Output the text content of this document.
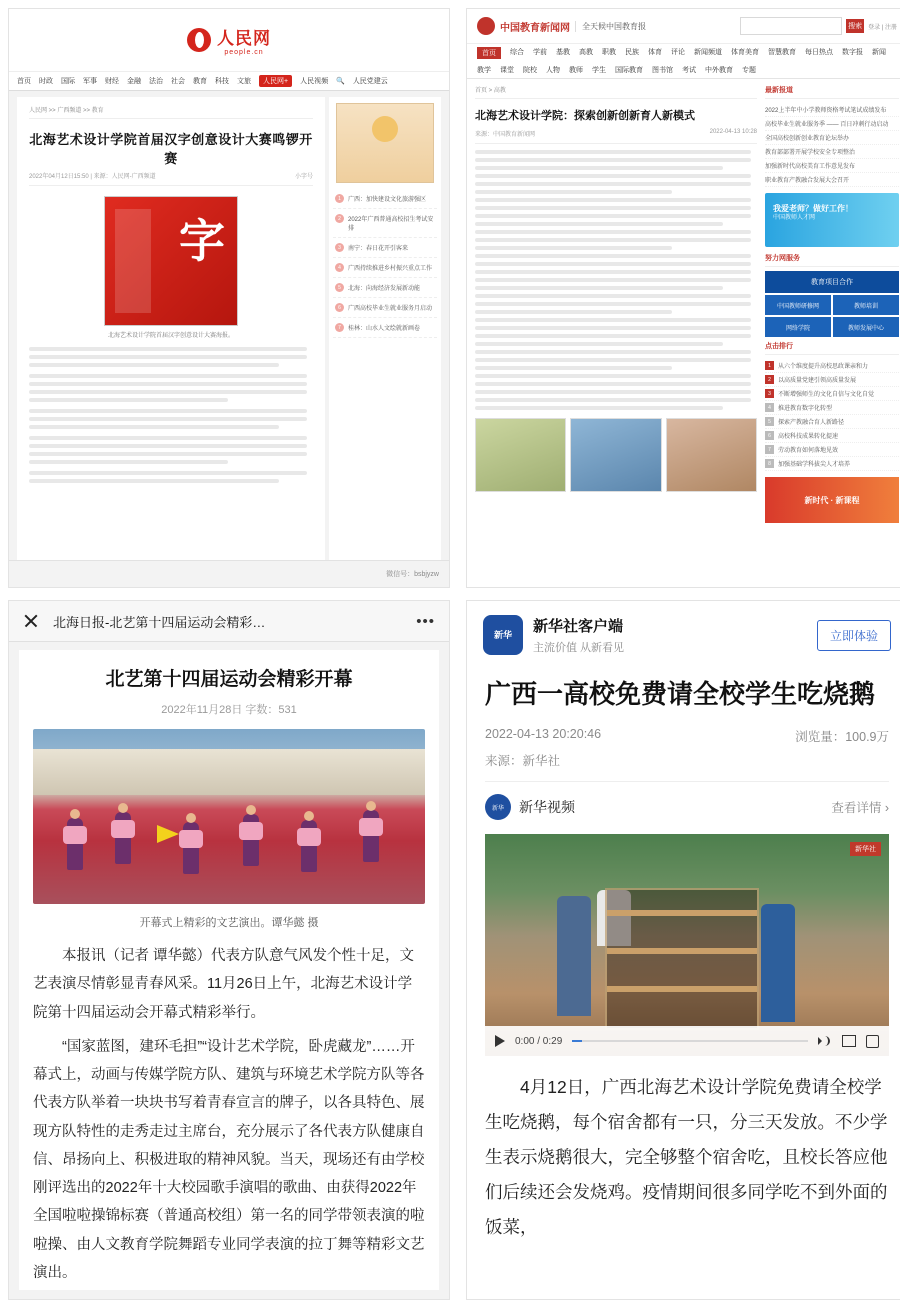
人民网
people.cn
首页 时政 国际 军事 财经 金融 法治 社会 教育 科技 文旅	人民网+	人民视频 🔍 人民党建云
人民网 >> 广西频道 >> 教育
北海艺术设计学院首届汉字创意设计大赛鸣锣开赛
2022年04月12日15:50 | 来源：人民网-广西频道	小字号
字
北海艺术设计学院首届汉字创意设计大赛海报。
1	广西：加快建设文化旅游强区
2	2022年广西普通高校招生考试安排
3	南宁：春日花开引客来
4	广西持续推进乡村振兴重点工作
5	北海：向海经济发展新动能
6	广西高校毕业生就业服务月启动
7	桂林：山水人文绘就新画卷
微信号：bsbjyzw
中国教育新闻网	全天候中国教育报	搜索	登录 | 注册
首页	综合 学前 基教 高教 职教 民族 体育 评论 新闻频道 体育美育 智慧教育 每日热点 数字报 新闻
教学 课堂 院校 人物 教师 学生 国际教育 图书馆 考试 中外教育 专题
首页 > 高教
北海艺术设计学院：探索创新创新育人新模式
来源：中国教育新闻网	2022-04-13 10:28
最新报道
2022上半年中小学教师资格考试笔试成绩发布
高校毕业生就业服务季 —— 百日冲刺行动启动
全国高校创新创业教育论坛举办
教育部部署开展学校安全专项整治
加强新时代高校美育工作意见发布
职业教育产教融合发展大会召开
我爱老师？做好工作！
中国教师人才网
努力网服务
教育项目合作
中国教师研修网	教师培训
网络学院	教师发展中心
点击排行
1	从六个维度提升高校思政课亲和力
2	以高质量党建引领高质量发展
3	不断增强师生的文化自信与文化自觉
4	推进教育数字化转型
5	探索产教融合育人新路径
6	高校科技成果转化提速
7	劳动教育如何落地见效
8	加强基础学科拔尖人才培养
新时代 · 新课程
北海日报-北艺第十四届运动会精彩…	•••
北艺第十四届运动会精彩开幕
2022年11月28日 字数：531
开幕式上精彩的文艺演出。谭华懿 摄

本报讯（记者 谭华懿）代表方队意气风发个性十足，文艺表演尽情彰显青春风采。11月26日上午，北海艺术设计学院第十四届运动会开幕式精彩举行。

“国家蓝图，建环毛担”“设计艺术学院，卧虎藏龙”……开幕式上，动画与传媒学院方队、建筑与环境艺术学院方队等各代表方队举着一块块书写着青春宣言的牌子，以各具特色、展现方队特性的走秀走过主席台，充分展示了各代表方队健康自信、昂扬向上、积极进取的精神风貌。当天，现场还有由学校刚评选出的2022年十大校园歌手演唱的歌曲、由获得2022年全国啦啦操锦标赛（普通高校组）第一名的同学带领表演的啦啦操、由人文教育学院舞蹈专业同学表演的拉丁舞等精彩文艺演出。

新华	新华社客户端
主流价值 从新看见
立即体验
广西一高校免费请全校学生吃烧鹅
2022-04-13 20:20:46	浏览量：100.9万
来源：新华社
新华	新华视频	查看详情 ›
新华社
0:00 / 0:29

4月12日，广西北海艺术设计学院免费请全校学生吃烧鹅，每个宿舍都有一只，分三天发放。不少学生表示烧鹅很大，完全够整个宿舍吃，且校长答应他们后续还会发烧鸡。疫情期间很多同学吃不到外面的饭菜，
